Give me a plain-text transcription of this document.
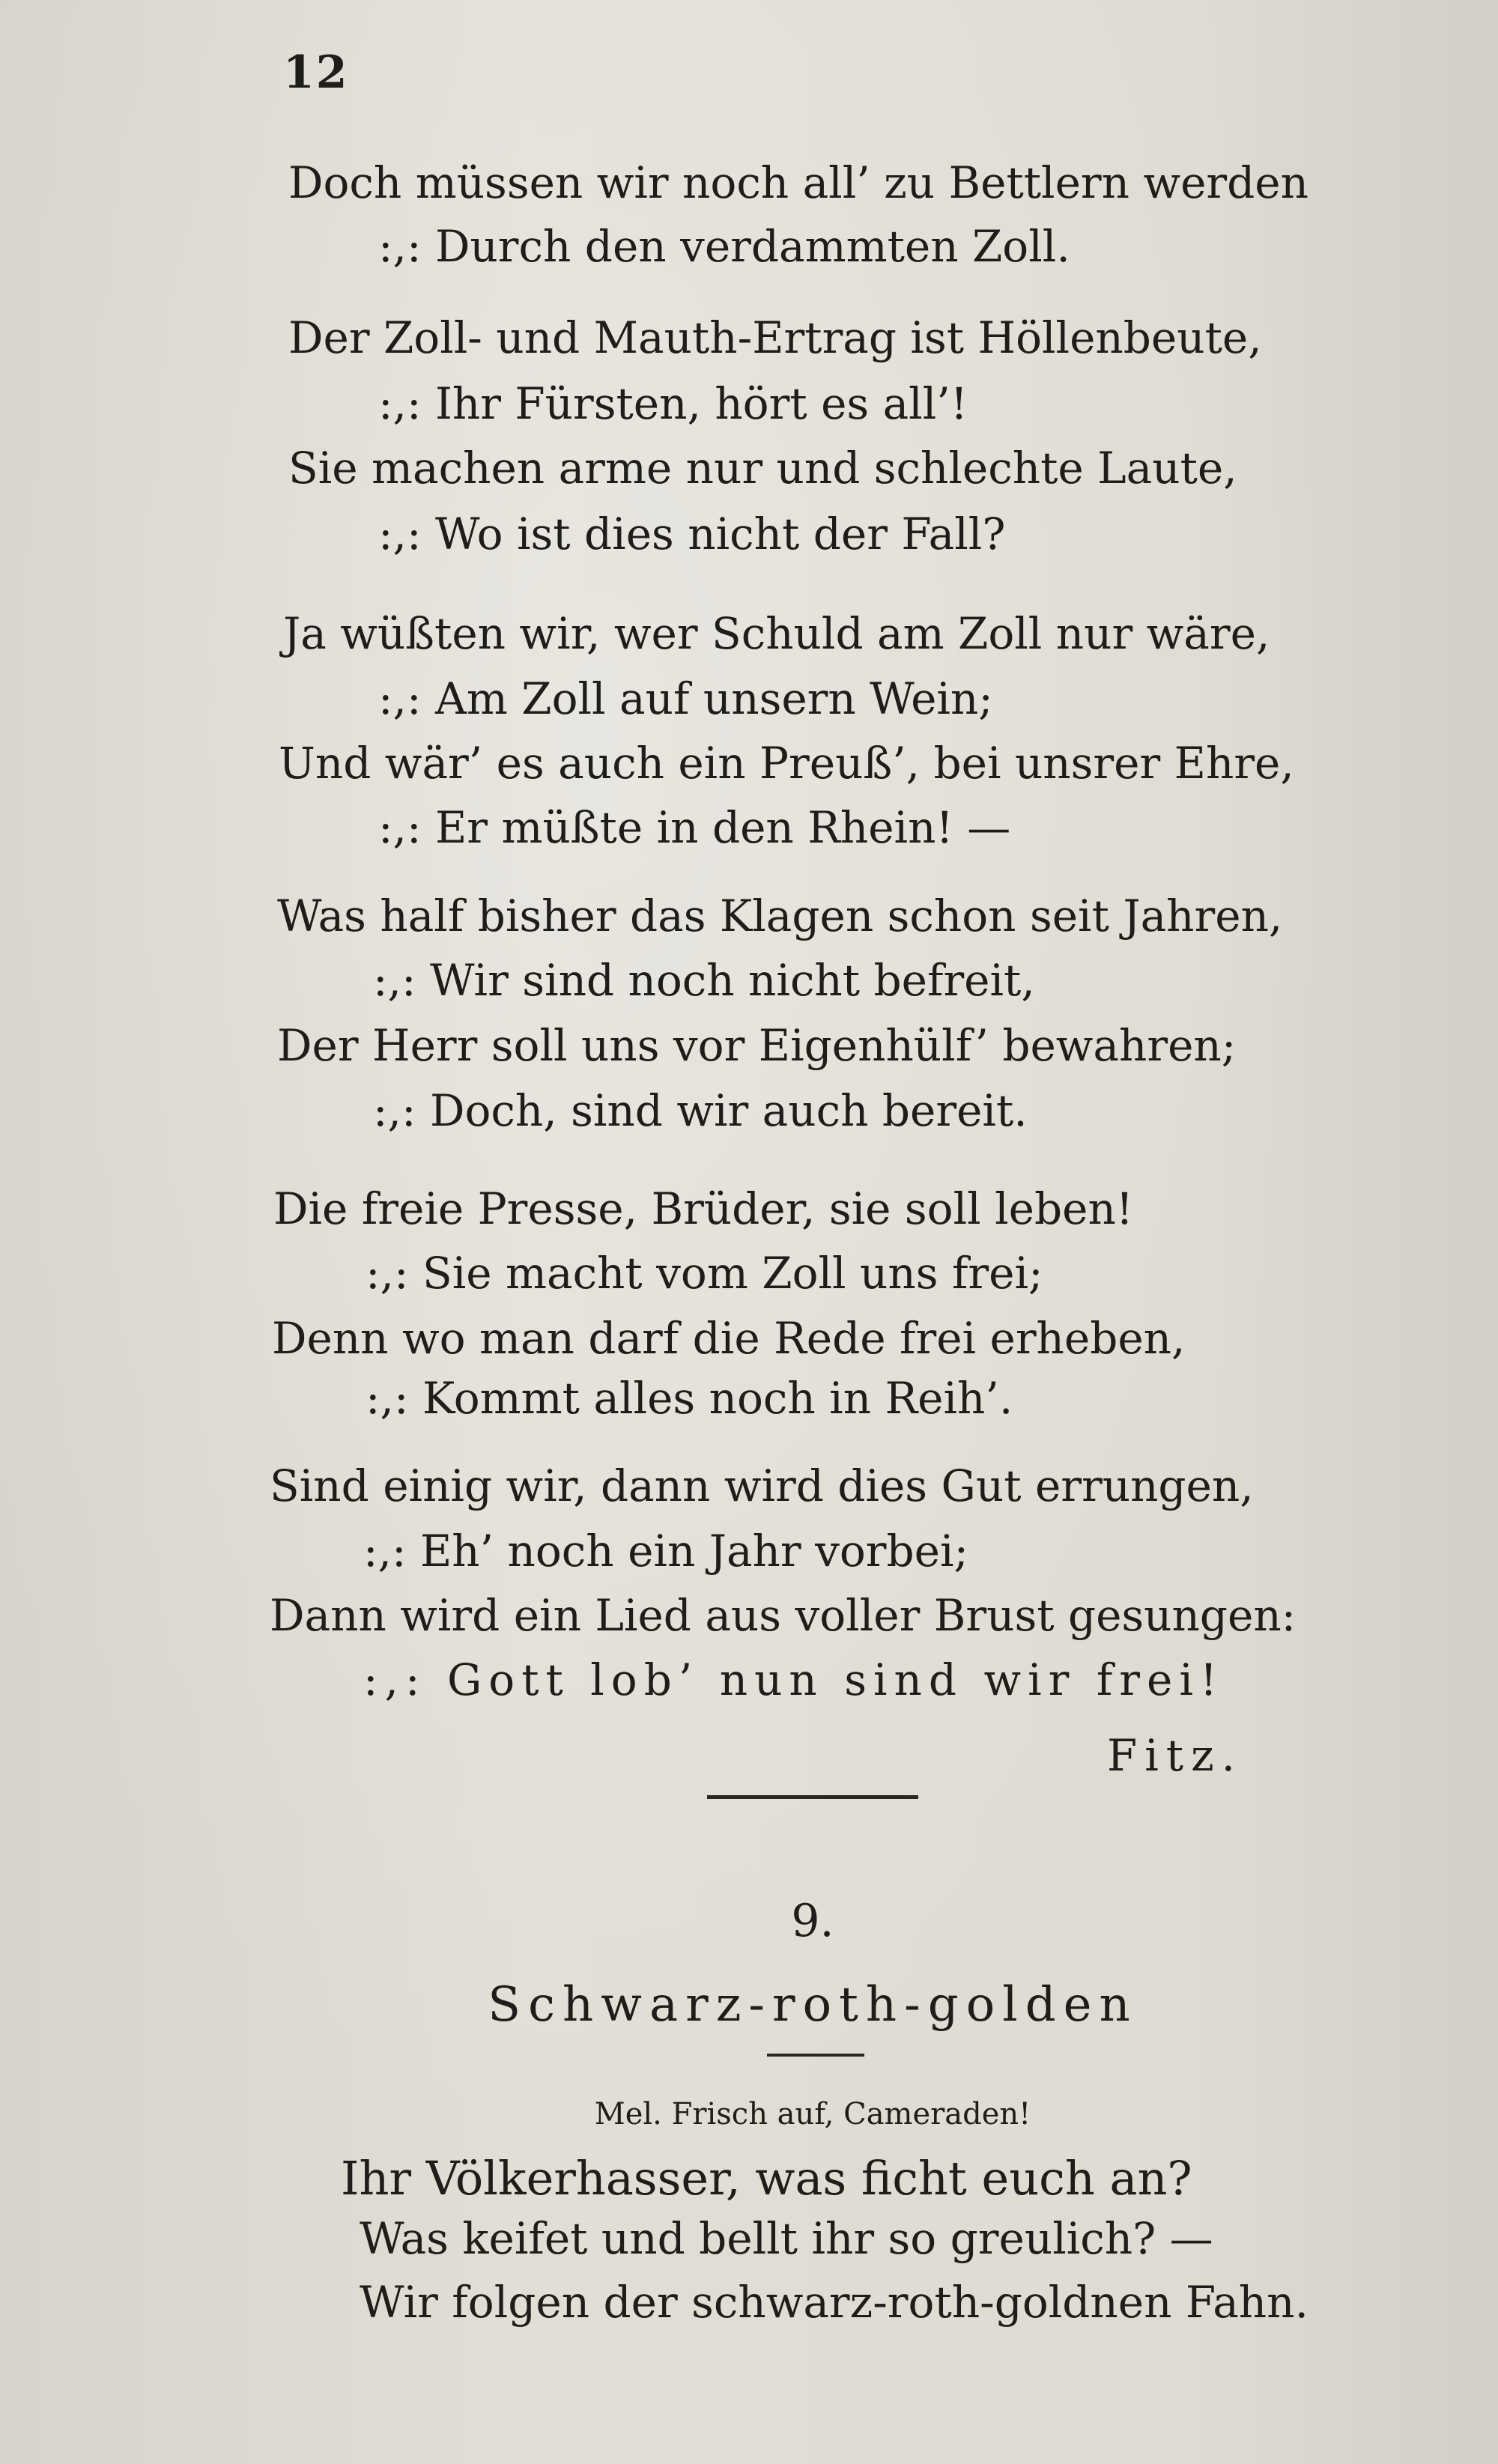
12
Doch müssen wir noch all’ zu Bettlern werden
:,: Durch den verdammten Zoll.
Der Zoll- und Mauth-Ertrag ist Höllenbeute,
:,: Ihr Fürsten, hört es all’!
Sie machen arme nur und schlechte Laute,
:,: Wo ist dies nicht der Fall?
Ja wüßten wir, wer Schuld am Zoll nur wäre,
:,: Am Zoll auf unsern Wein;
Und wär’ es auch ein Preuß’, bei unsrer Ehre,
:,: Er müßte in den Rhein! —
Was half bisher das Klagen schon seit Jahren,
:,: Wir sind noch nicht befreit,
Der Herr soll uns vor Eigenhülf’ bewahren;
:,: Doch, sind wir auch bereit.
Die freie Presse, Brüder, sie soll leben!
:,: Sie macht vom Zoll uns frei;
Denn wo man darf die Rede frei erheben,
:,: Kommt alles noch in Reih’.
Sind einig wir, dann wird dies Gut errungen,
:,: Eh’ noch ein Jahr vorbei;
Dann wird ein Lied aus voller Brust gesungen:
:,: Gott lob’ nun sind wir frei!
Fitz.
9.
Schwarz-roth-golden
Mel. Frisch auf, Cameraden!
Ihr Völkerhasser, was ficht euch an?
Was keifet und bellt ihr so greulich? —
Wir folgen der schwarz-roth-goldnen Fahn.
